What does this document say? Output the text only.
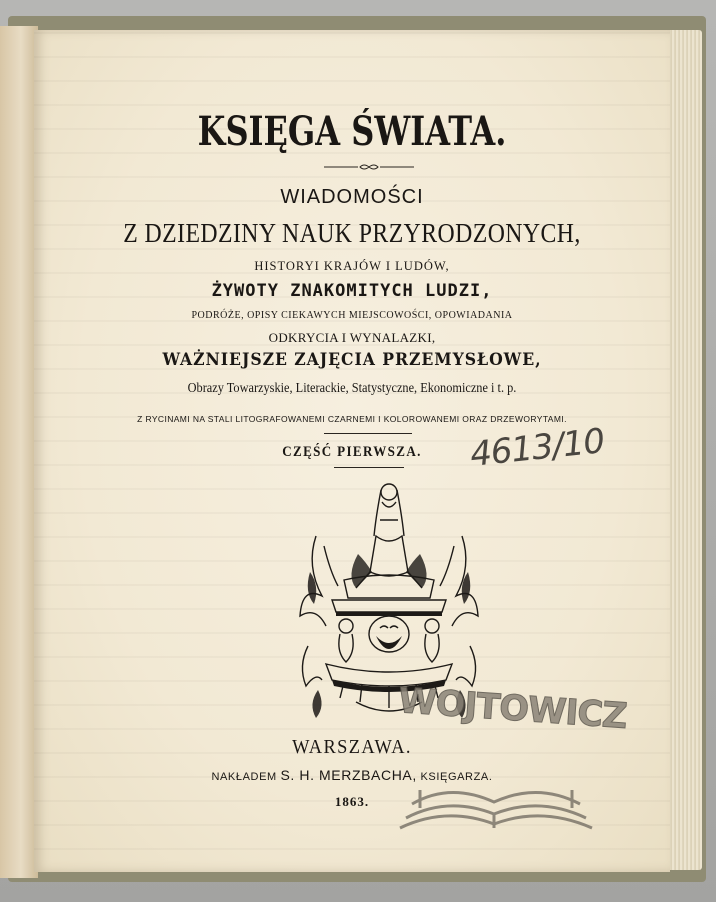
KSIĘGA ŚWIATA.
WIADOMOŚCI
Z DZIEDZINY NAUK PRZYRODZONYCH,
HISTORYI KRAJÓW I LUDÓW,
ŻYWOTY ZNAKOMITYCH LUDZI,
PODRÓŻE, OPISY CIEKAWYCH MIEJSCOWOŚCI, OPOWIADANIA
ODKRYCIA I WYNALAZKI,
WAŻNIEJSZE ZAJĘCIA PRZEMYSŁOWE,
Obrazy Towarzyskie, Literackie, Statystyczne, Ekonomiczne i t. p.
Z RYCINAMI NA STALI LITOGRAFOWANEMI CZARNEMI I KOLOROWANEMI ORAZ DRZEWORYTAMI.
CZĘŚĆ PIERWSZA.
WARSZAWA.
NAKŁADEM S. H. MERZBACHA, KSIĘGARZA.
1863.
4613/10
WOJTOWICZ
